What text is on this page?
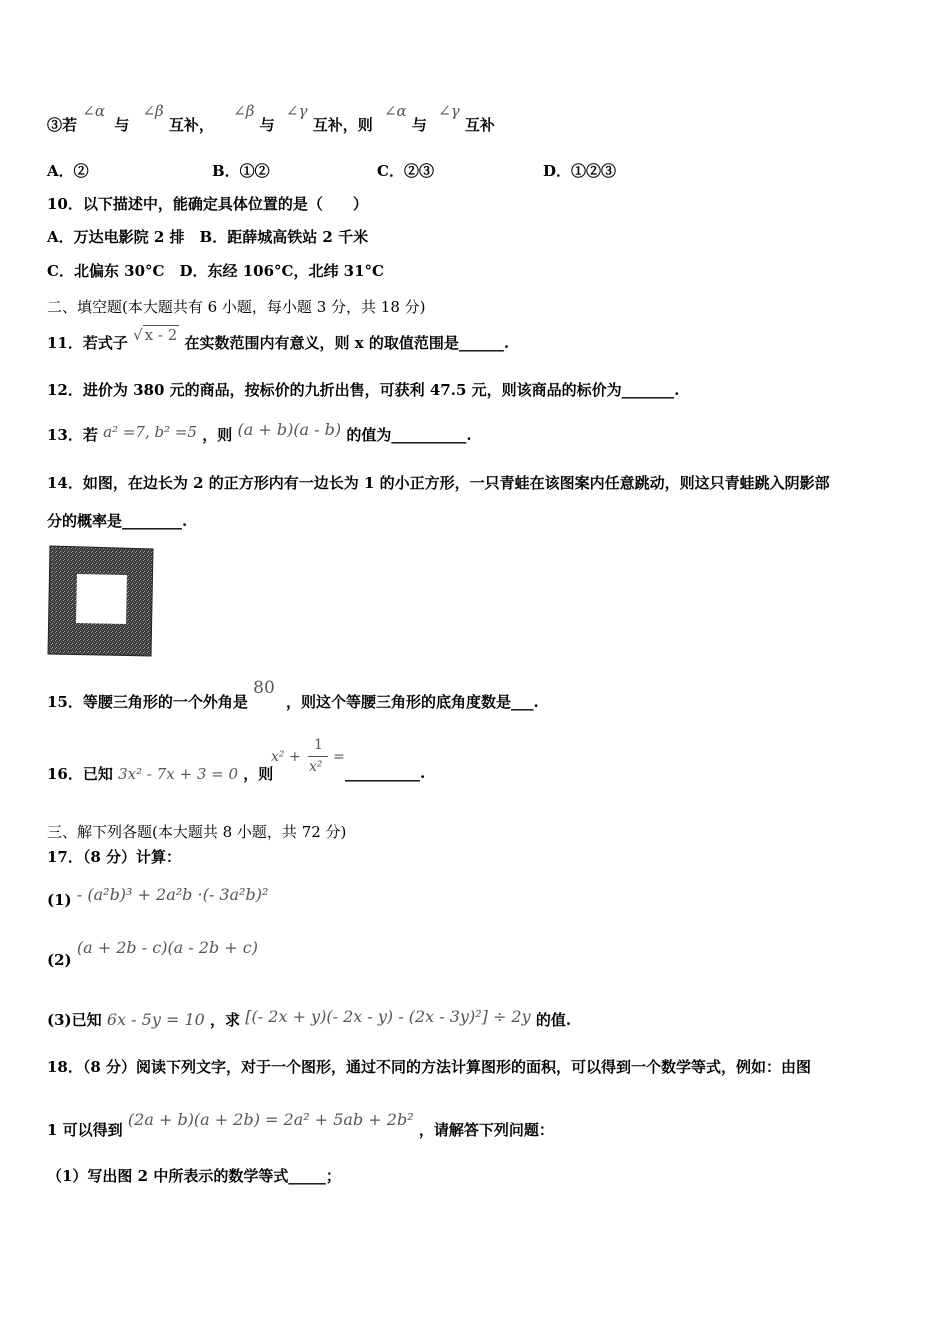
③若 ∠α 与 ∠β 互补， ∠β 与 ∠γ 互补，则 ∠α 与 ∠γ 互补
A．②	B．①②	C．②③	D．①②③
10．以下描述中，能确定具体位置的是（　　）
A．万达电影院 2 排　B．距薛城高铁站 2 千米
C．北偏东 30°C　D．东经 106°C，北纬 31°C
二、填空题(本大题共有 6 小题，每小题 3 分，共 18 分)
11．若式子 √ x - 2 在实数范围内有意义，则 x 的取值范围是______.
12．进价为 380 元的商品，按标价的九折出售，可获利 47.5 元，则该商品的标价为_______.
13．若 a² =7, b² =5 ，则 (a + b)(a - b) 的值为__________.
14．如图，在边长为 2 的正方形内有一边长为 1 的小正方形，一只青蛙在该图案内任意跳动，则这只青蛙跳入阴影部
分的概率是________.
15．等腰三角形的一个外角是 80 ，则这个等腰三角形的底角度数是___.
16．已知 3x² - 7x + 3 = 0 ，则
x² +
1
x²
=
__________.
三、解下列各题(本大题共 8 小题，共 72 分)
17．（8 分）计算：
(1) - (a²b)³ + 2a²b ·(- 3a²b)²
(2) (a + 2b - c)(a - 2b + c)
(3)已知 6x - 5y = 10 ，求 [(- 2x + y)(- 2x - y) - (2x - 3y)²] ÷ 2y 的值.
18．（8 分）阅读下列文字，对于一个图形，通过不同的方法计算图形的面积，可以得到一个数学等式，例如：由图
1 可以得到 (2a + b)(a + 2b) = 2a² + 5ab + 2b² ，请解答下列问题：
（1）写出图 2 中所表示的数学等式_____；
